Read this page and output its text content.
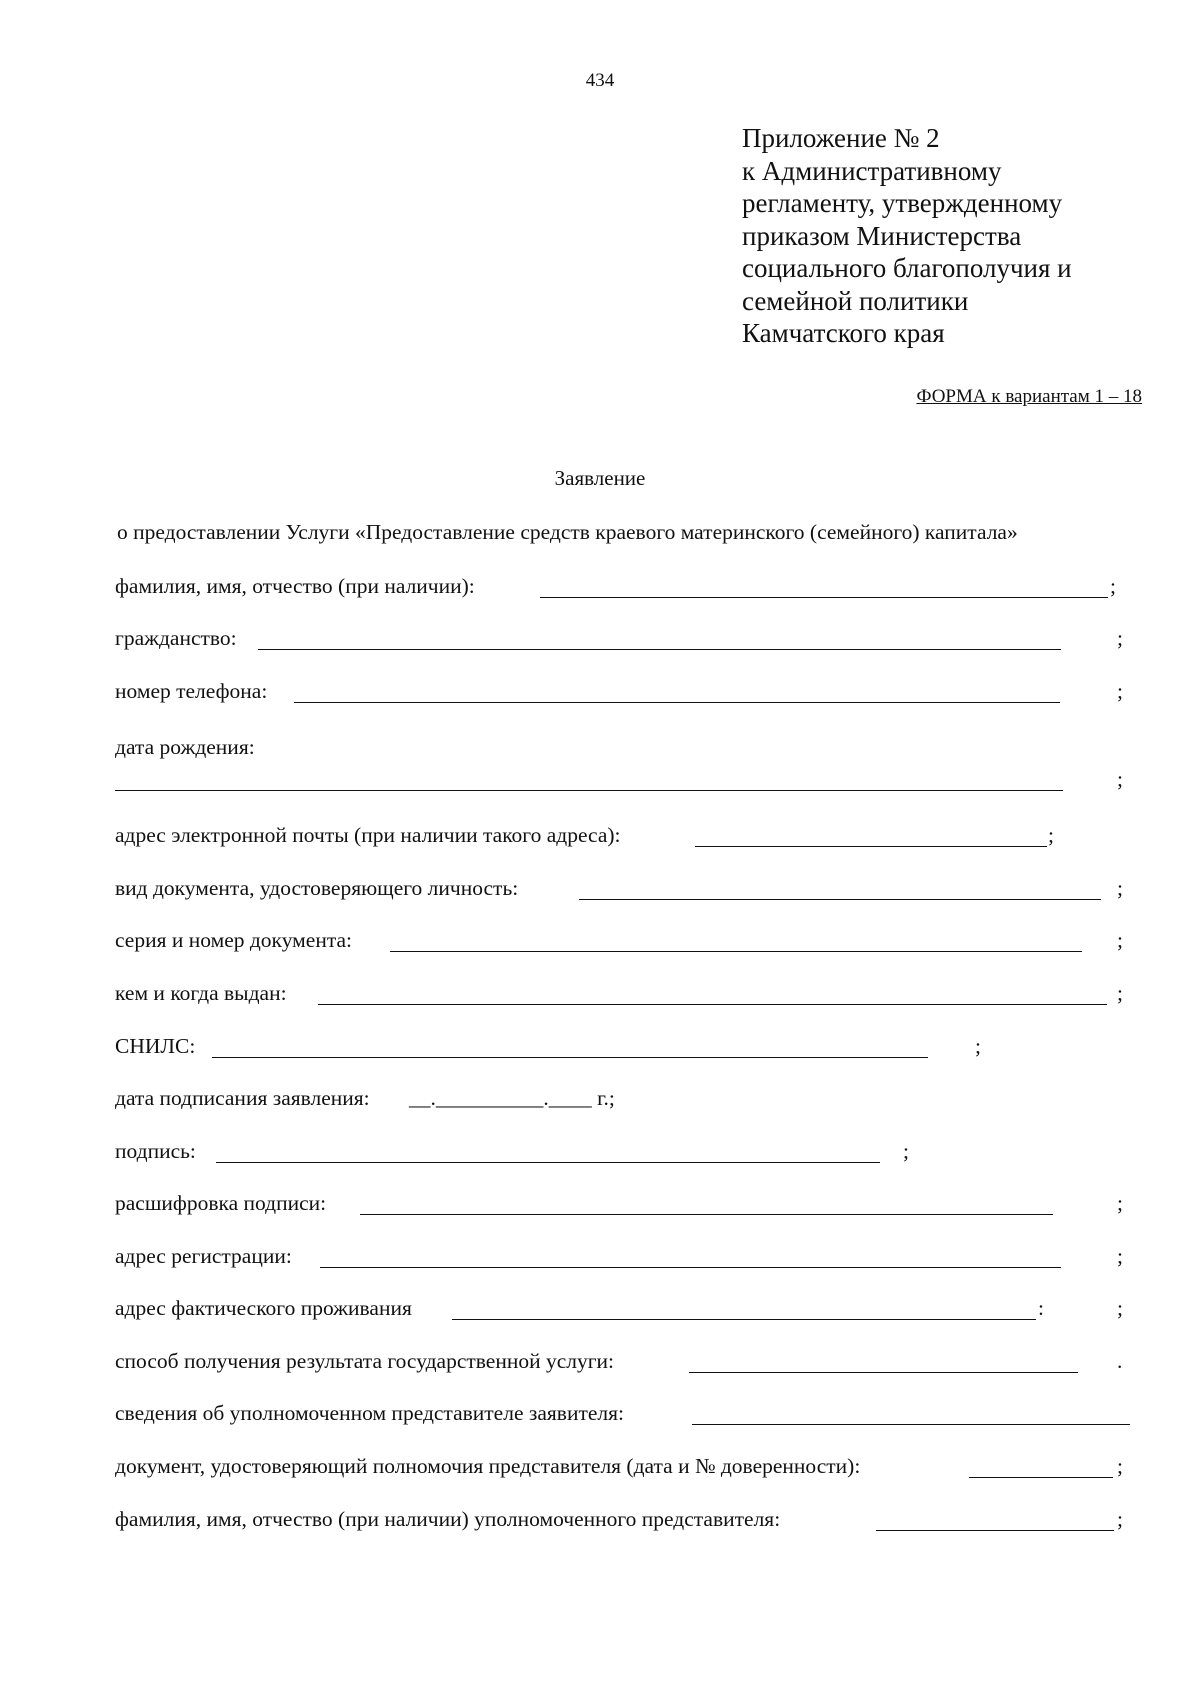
434
Приложение № 2
к Административному
регламенту, утвержденному
приказом Министерства
социального благополучия и
семейной политики
Камчатского края
ФОРМА к вариантам 1 – 18
Заявление
о предоставлении Услуги «Предоставление средств краевого материнского (семейного) капитала»
фамилия, имя, отчество (при наличии):	;
гражданство:	;
номер телефона:	;
дата рождения:
;
адрес электронной почты (при наличии такого адреса):	;
вид документа, удостоверяющего личность:	;
серия и номер документа:	;
кем и когда выдан:	;
СНИЛС:	;
дата подписания заявления: __.__________.____ г.;
подпись:	;
расшифровка подписи:	;
адрес регистрации:	;
адрес фактического проживания	:	;
способ получения результата государственной услуги:	.
сведения об уполномоченном представителе заявителя:
документ, удостоверяющий полномочия представителя (дата и № доверенности):	;
фамилия, имя, отчество (при наличии) уполномоченного представителя:	;
